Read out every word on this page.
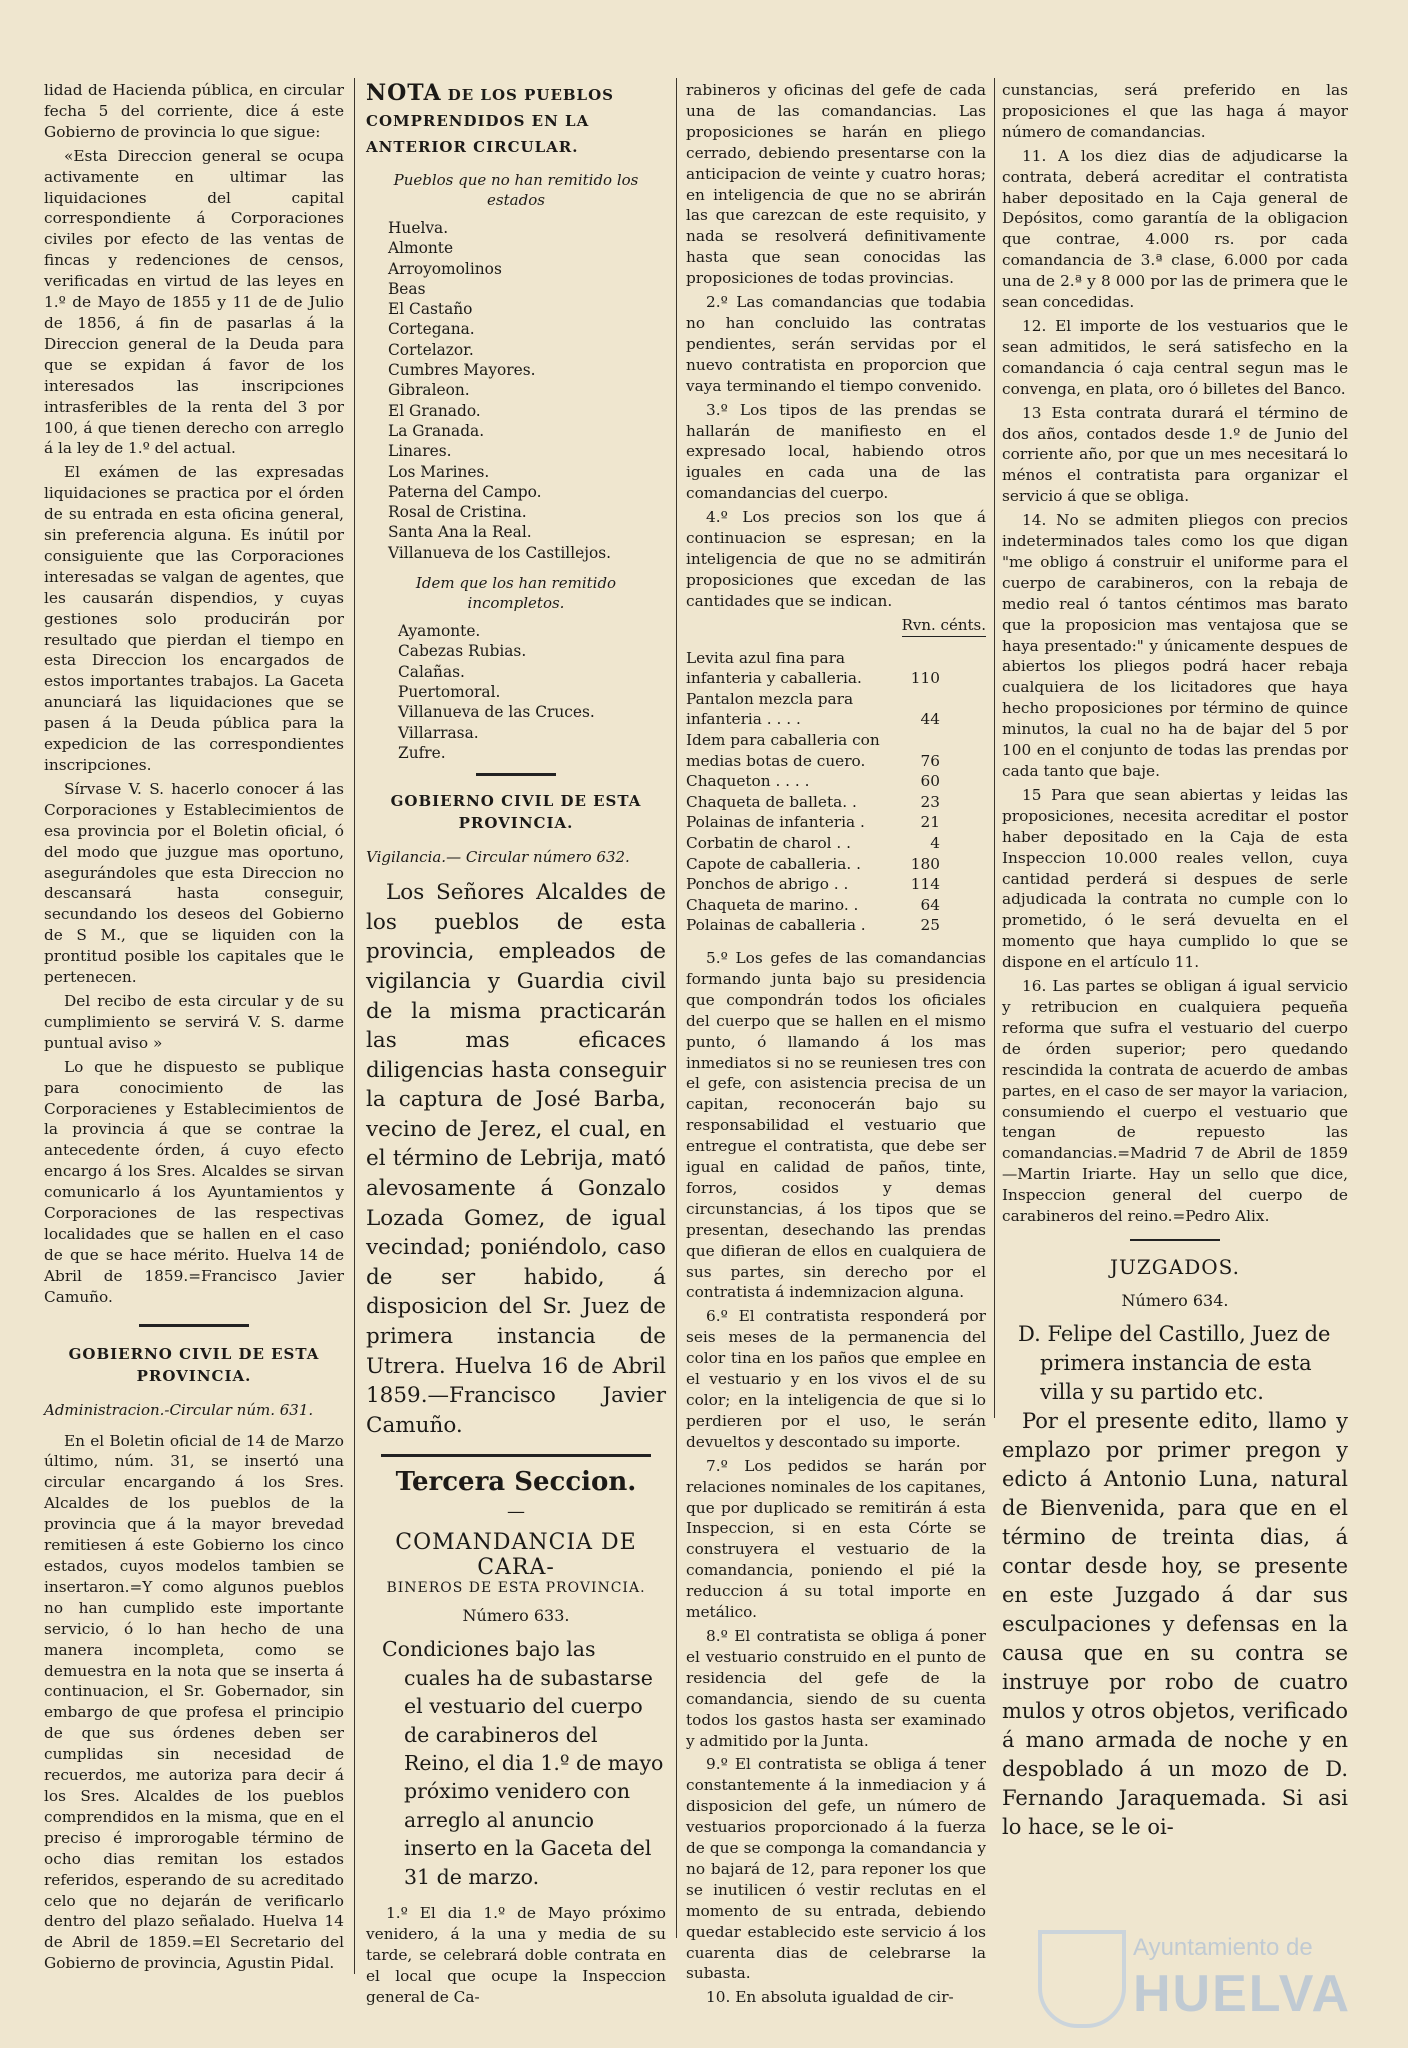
lidad de Hacienda pública, en circular fecha 5 del corriente, dice á este Gobierno de provincia lo que sigue:

«Esta Direccion general se ocupa activamente en ultimar las liquidaciones del capital correspondiente á Corporaciones civiles por efecto de las ventas de fincas y redenciones de censos, verificadas en virtud de las leyes en 1.º de Mayo de 1855 y 11 de de Julio de 1856, á fin de pasarlas á la Direccion general de la Deuda para que se expidan á favor de los interesados las inscripciones intrasferibles de la renta del 3 por 100, á que tienen derecho con arreglo á la ley de 1.º del actual.

El exámen de las expresadas liquidaciones se practica por el órden de su entrada en esta oficina general, sin preferencia alguna. Es inútil por consiguiente que las Corporaciones interesadas se valgan de agentes, que les causarán dispendios, y cuyas gestiones solo producirán por resultado que pierdan el tiempo en esta Direccion los encargados de estos importantes trabajos. La Gaceta anunciará las liquidaciones que se pasen á la Deuda pública para la expedicion de las correspondientes inscripciones.

Sírvase V. S. hacerlo conocer á las Corporaciones y Establecimientos de esa provincia por el Boletin oficial, ó del modo que juzgue mas oportuno, asegurándoles que esta Direccion no descansará hasta conseguir, secundando los deseos del Gobierno de S M., que se liquiden con la prontitud posible los capitales que le pertenecen.

Del recibo de esta circular y de su cumplimiento se servirá V. S. darme puntual aviso »

Lo que he dispuesto se publique para conocimiento de las Corporacienes y Establecimientos de la provincia á que se contrae la antecedente órden, á cuyo efecto encargo á los Sres. Alcaldes se sirvan comunicarlo á los Ayuntamientos y Corporaciones de las respectivas localidades que se hallen en el caso de que se hace mérito. Huelva 14 de Abril de 1859.=Francisco Javier Camuño.

GOBIERNO CIVIL DE ESTA PROVINCIA.
Administracion.-Circular núm. 631.

En el Boletin oficial de 14 de Marzo último, núm. 31, se insertó una circular encargando á los Sres. Alcaldes de los pueblos de la provincia que á la mayor brevedad remitiesen á este Gobierno los cinco estados, cuyos modelos tambien se insertaron.=Y como algunos pueblos no han cumplido este importante servicio, ó lo han hecho de una manera incompleta, como se demuestra en la nota que se inserta á continuacion, el Sr. Gobernador, sin embargo de que profesa el principio de que sus órdenes deben ser cumplidas sin necesidad de recuerdos, me autoriza para decir á los Sres. Alcaldes de los pueblos comprendidos en la misma, que en el preciso é improrogable término de ocho dias remitan los estados referidos, esperando de su acreditado celo que no dejarán de verificarlo dentro del plazo señalado. Huelva 14 de Abril de 1859.=El Secretario del Gobierno de provincia, Agustin Pidal.

NOTA DE LOS PUEBLOS COMPRENDIDOS EN LA ANTERIOR CIRCULAR.
Pueblos que no han remitido los estados
Huelva.
Almonte
Arroyomolinos
Beas
El Castaño
Cortegana.
Cortelazor.
Cumbres Mayores.
Gibraleon.
El Granado.
La Granada.
Linares.
Los Marines.
Paterna del Campo.
Rosal de Cristina.
Santa Ana la Real.
Villanueva de los Castillejos.
Idem que los han remitido incompletos.
Ayamonte.
Cabezas Rubias.
Calañas.
Puertomoral.
Villanueva de las Cruces.
Villarrasa.
Zufre.
GOBIERNO CIVIL DE ESTA PROVINCIA.
Vigilancia.— Circular número 632.

Los Señores Alcaldes de los pueblos de esta provincia, empleados de vigilancia y Guardia civil de la misma practicarán las mas eficaces diligencias hasta conseguir la captura de José Barba, vecino de Jerez, el cual, en el término de Lebrija, mató alevosamente á Gonzalo Lozada Gomez, de igual vecindad; poniéndolo, caso de ser habido, á disposicion del Sr. Juez de primera instancia de Utrera. Huelva 16 de Abril 1859.—Francisco Javier Camuño.

Tercera Seccion.
—
COMANDANCIA DE CARA-
BINEROS DE ESTA PROVINCIA.
Número 633.

Condiciones bajo las cuales ha de subastarse el vestuario del cuerpo de carabineros del Reino, el dia 1.º de mayo próximo venidero con arreglo al anuncio inserto en la Gaceta del 31 de marzo.

1.º El dia 1.º de Mayo próximo venidero, á la una y media de su tarde, se celebrará doble contrata en el local que ocupe la Inspeccion general de Ca-

rabineros y oficinas del gefe de cada una de las comandancias. Las proposiciones se harán en pliego cerrado, debiendo presentarse con la anticipacion de veinte y cuatro horas; en inteligencia de que no se abrirán las que carezcan de este requisito, y nada se resolverá definitivamente hasta que sean conocidas las proposiciones de todas provincias.

2.º Las comandancias que todabia no han concluido las contratas pendientes, serán servidas por el nuevo contratista en proporcion que vaya terminando el tiempo convenido.

3.º Los tipos de las prendas se hallarán de manifiesto en el expresado local, habiendo otros iguales en cada una de las comandancias del cuerpo.

4.º Los precios son los que á continuacion se espresan; en la inteligencia de que no se admitirán proposiciones que excedan de las cantidades que se indican.

Rvn. cénts.
Levita azul fina para infanteria y caballeria.	110
Pantalon mezcla para infanteria . . . .	44
Idem para caballeria con medias botas de cuero.	76
Chaqueton . . . .	60
Chaqueta de balleta. .	23
Polainas de infanteria .	21
Corbatin de charol . .	4
Capote de caballeria. .	180
Ponchos de abrigo . .	114
Chaqueta de marino. .	64
Polainas de caballeria .	25

5.º Los gefes de las comandancias formando junta bajo su presidencia que compondrán todos los oficiales del cuerpo que se hallen en el mismo punto, ó llamando á los mas inmediatos si no se reuniesen tres con el gefe, con asistencia precisa de un capitan, reconocerán bajo su responsabilidad el vestuario que entregue el contratista, que debe ser igual en calidad de paños, tinte, forros, cosidos y demas circunstancias, á los tipos que se presentan, desechando las prendas que difieran de ellos en cualquiera de sus partes, sin derecho por el contratista á indemnizacion alguna.

6.º El contratista responderá por seis meses de la permanencia del color tina en los paños que emplee en el vestuario y en los vivos el de su color; en la inteligencia de que si lo perdieren por el uso, le serán devueltos y descontado su importe.

7.º Los pedidos se harán por relaciones nominales de los capitanes, que por duplicado se remitirán á esta Inspeccion, si en esta Córte se construyera el vestuario de la comandancia, poniendo el pié la reduccion á su total importe en metálico.

8.º El contratista se obliga á poner el vestuario construido en el punto de residencia del gefe de la comandancia, siendo de su cuenta todos los gastos hasta ser examinado y admitido por la Junta.

9.º El contratista se obliga á tener constantemente á la inmediacion y á disposicion del gefe, un número de vestuarios proporcionado á la fuerza de que se componga la comandancia y no bajará de 12, para reponer los que se inutilicen ó vestir reclutas en el momento de su entrada, debiendo quedar establecido este servicio á los cuarenta dias de celebrarse la subasta.

10. En absoluta igualdad de cir-

cunstancias, será preferido en las proposiciones el que las haga á mayor número de comandancias.

11. A los diez dias de adjudicarse la contrata, deberá acreditar el contratista haber depositado en la Caja general de Depósitos, como garantía de la obligacion que contrae, 4.000 rs. por cada comandancia de 3.ª clase, 6.000 por cada una de 2.ª y 8 000 por las de primera que le sean concedidas.

12. El importe de los vestuarios que le sean admitidos, le será satisfecho en la comandancia ó caja central segun mas le convenga, en plata, oro ó billetes del Banco.

13 Esta contrata durará el término de dos años, contados desde 1.º de Junio del corriente año, por que un mes necesitará lo ménos el contratista para organizar el servicio á que se obliga.

14. No se admiten pliegos con precios indeterminados tales como los que digan "me obligo á construir el uniforme para el cuerpo de carabineros, con la rebaja de medio real ó tantos céntimos mas barato que la proposicion mas ventajosa que se haya presentado:" y únicamente despues de abiertos los pliegos podrá hacer rebaja cualquiera de los licitadores que haya hecho proposiciones por término de quince minutos, la cual no ha de bajar del 5 por 100 en el conjunto de todas las prendas por cada tanto que baje.

15 Para que sean abiertas y leidas las proposiciones, necesita acreditar el postor haber depositado en la Caja de esta Inspeccion 10.000 reales vellon, cuya cantidad perderá si despues de serle adjudicada la contrata no cumple con lo prometido, ó le será devuelta en el momento que haya cumplido lo que se dispone en el artículo 11.

16. Las partes se obligan á igual servicio y retribucion en cualquiera pequeña reforma que sufra el vestuario del cuerpo de órden superior; pero quedando rescindida la contrata de acuerdo de ambas partes, en el caso de ser mayor la variacion, consumiendo el cuerpo el vestuario que tengan de repuesto las comandancias.=Madrid 7 de Abril de 1859 —Martin Iriarte. Hay un sello que dice, Inspeccion general del cuerpo de carabineros del reino.=Pedro Alix.

JUZGADOS.
Número 634.

D. Felipe del Castillo, Juez de primera instancia de esta villa y su partido etc.

Por el presente edito, llamo y emplazo por primer pregon y edicto á Antonio Luna, natural de Bienvenida, para que en el término de treinta dias, á contar desde hoy, se presente en este Juzgado á dar sus esculpaciones y defensas en la causa que en su contra se instruye por robo de cuatro mulos y otros objetos, verificado á mano armada de noche y en despoblado á un mozo de D. Fernando Jaraquemada. Si asi lo hace, se le oi-

Ayuntamiento de
HUELVA
